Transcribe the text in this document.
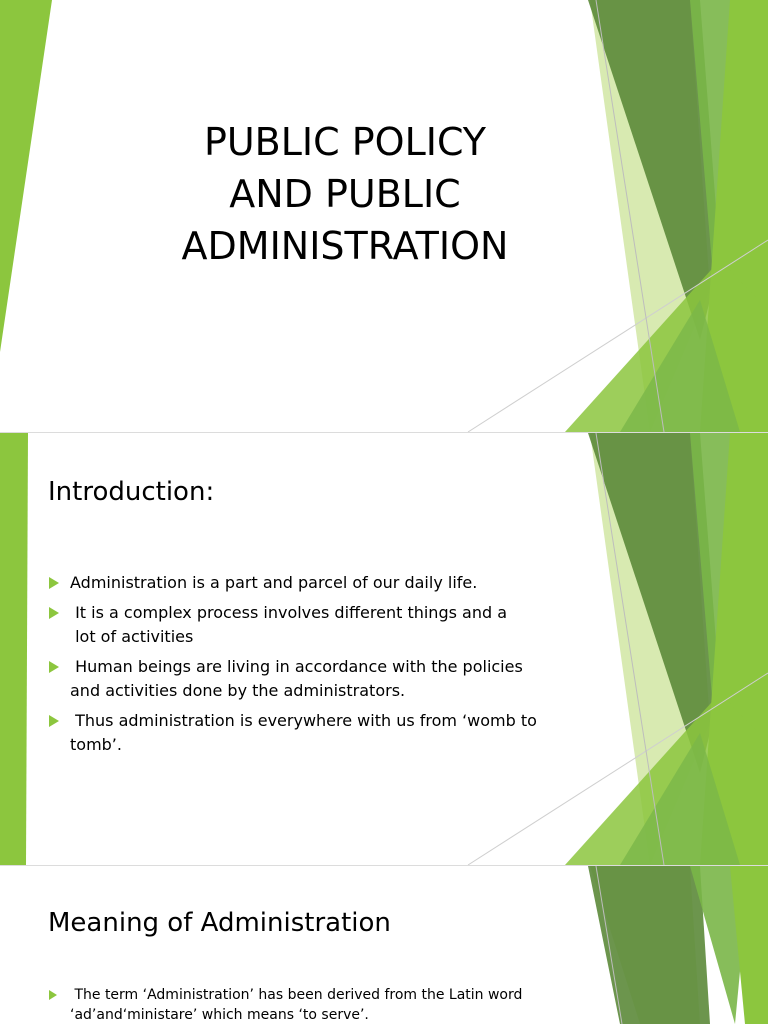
PUBLIC POLICY
AND PUBLIC
ADMINISTRATION
Introduction:
Administration is a part and parcel of our daily life.
It is a complex process involves different things and a
lot of activities
Human beings are living in accordance with the policies
and activities done by the administrators.
Thus administration is everywhere with us from ‘womb to
tomb’.
Meaning of Administration
The term ‘Administration’ has been derived from the Latin word
‘ad’and‘ministare’ which means ‘to serve’.
